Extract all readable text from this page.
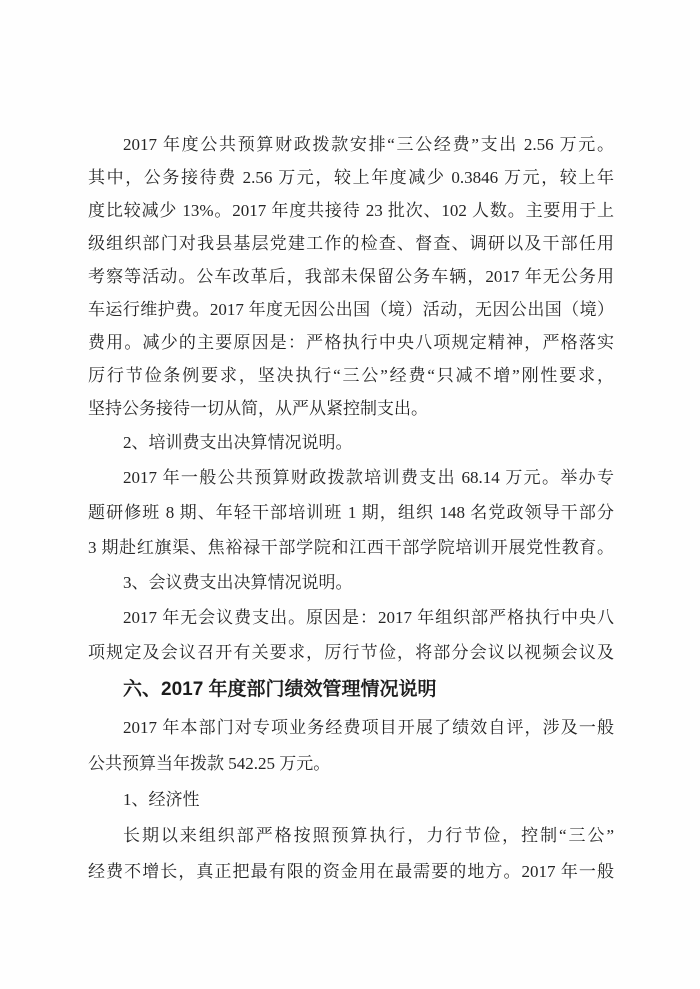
2017 年度公共预算财政拨款安排“三公经费”支出 2.56 万元。
其中，公务接待费 2.56 万元，较上年度减少 0.3846 万元，较上年
度比较减少 13%。2017 年度共接待 23 批次、102 人数。主要用于上
级组织部门对我县基层党建工作的检查、督查、调研以及干部任用
考察等活动。公车改革后，我部未保留公务车辆，2017 年无公务用
车运行维护费。2017 年度无因公出国（境）活动，无因公出国（境）
费用。减少的主要原因是：严格执行中央八项规定精神，严格落实
厉行节俭条例要求，坚决执行“三公”经费“只减不增”刚性要求，
坚持公务接待一切从简，从严从紧控制支出。
2、培训费支出决算情况说明。
2017 年一般公共预算财政拨款培训费支出 68.14 万元。举办专
题研修班 8 期、年轻干部培训班 1 期，组织 148 名党政领导干部分
3 期赴红旗渠、焦裕禄干部学院和江西干部学院培训开展党性教育。
3、会议费支出决算情况说明。
2017 年无会议费支出。原因是：2017 年组织部严格执行中央八
项规定及会议召开有关要求，厉行节俭，将部分会议以视频会议及
六、2017 年度部门绩效管理情况说明
2017 年本部门对专项业务经费项目开展了绩效自评，涉及一般
公共预算当年拨款 542.25 万元。
1、经济性
长期以来组织部严格按照预算执行，力行节俭，控制“三公”
经费不增长，真正把最有限的资金用在最需要的地方。2017 年一般
